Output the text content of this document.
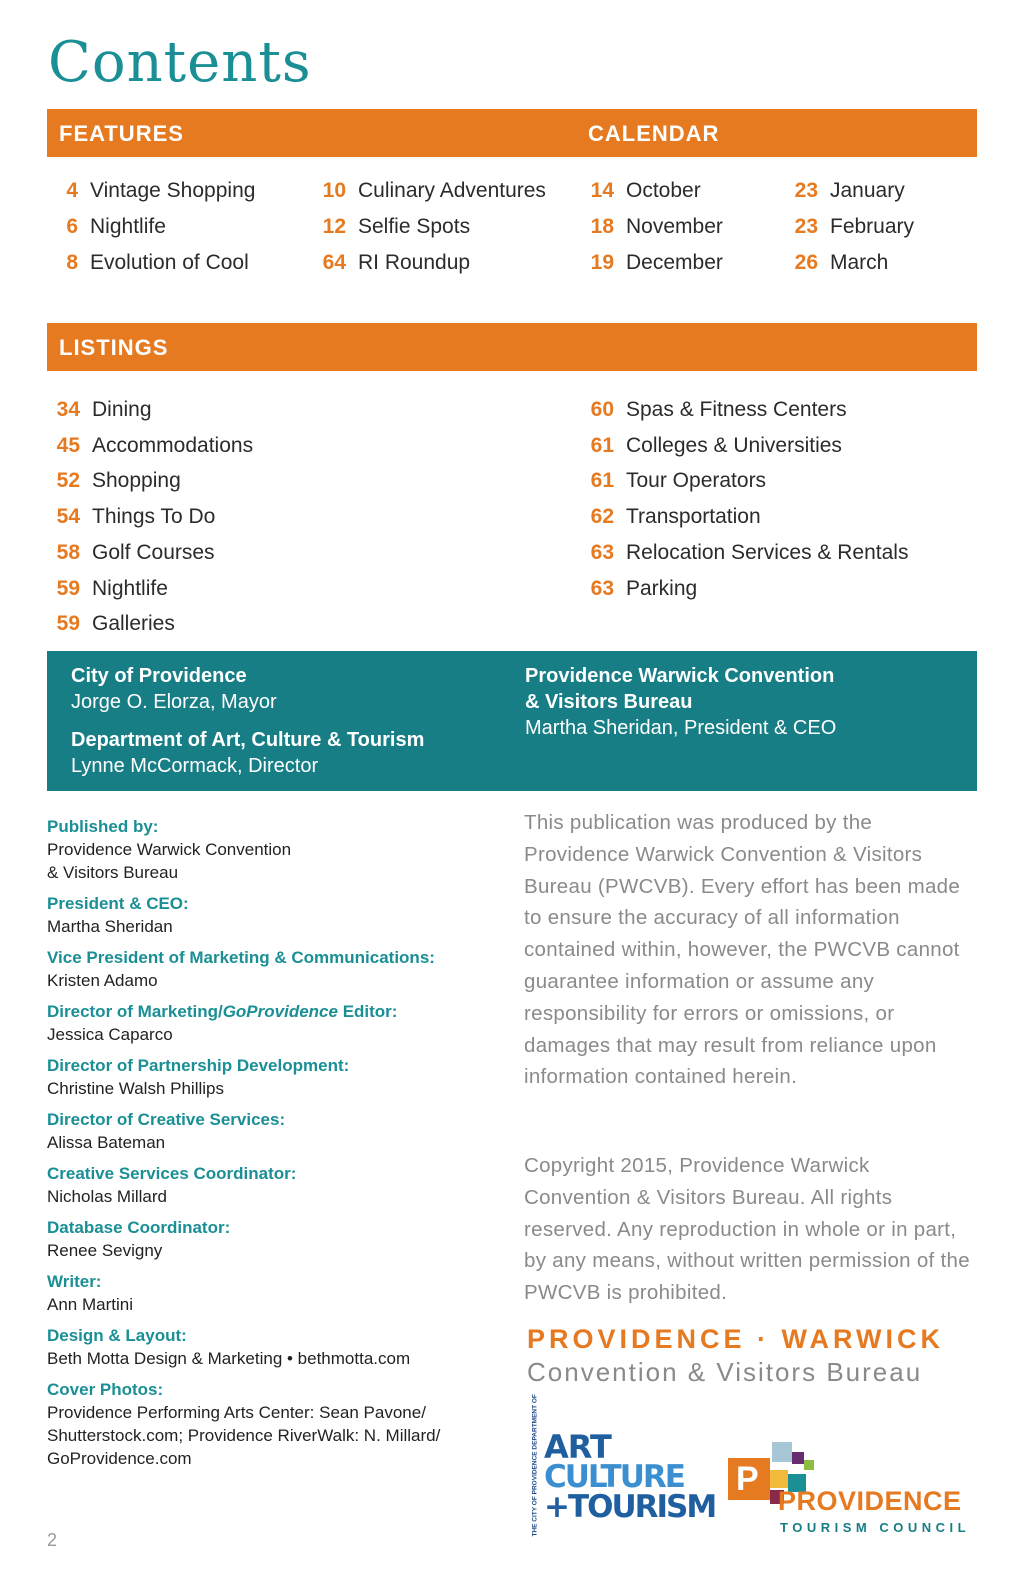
Contents
FEATURES	CALENDAR
4 Vintage Shopping
6 Nightlife
8 Evolution of Cool
10 Culinary Adventures
12 Selfie Spots
64 RI Roundup
14 October
18 November
19 December
23 January
23 February
26 March
LISTINGS
34 Dining
45 Accommodations
52 Shopping
54 Things To Do
58 Golf Courses
59 Nightlife
59 Galleries
60 Spas & Fitness Centers
61 Colleges & Universities
61 Tour Operators
62 Transportation
63 Relocation Services & Rentals
63 Parking
City of Providence
Jorge O. Elorza, Mayor
Department of Art, Culture & Tourism
Lynne McCormack, Director
Providence Warwick Convention
& Visitors Bureau
Martha Sheridan, President & CEO
Published by:
Providence Warwick Convention
& Visitors Bureau
President & CEO:
Martha Sheridan
Vice President of Marketing & Communications:
Kristen Adamo
Director of Marketing/GoProvidence Editor:
Jessica Caparco
Director of Partnership Development:
Christine Walsh Phillips
Director of Creative Services:
Alissa Bateman
Creative Services Coordinator:
Nicholas Millard
Database Coordinator:
Renee Sevigny
Writer:
Ann Martini
Design & Layout:
Beth Motta Design & Marketing • bethmotta.com
Cover Photos:
Providence Performing Arts Center: Sean Pavone/
Shutterstock.com; Providence RiverWalk: N. Millard/
GoProvidence.com
This publication was produced by the Providence Warwick Convention & Visitors Bureau (PWCVB). Every effort has been made to ensure the accuracy of all information contained within, however, the PWCVB cannot guarantee information or assume any responsibility for errors or omissions, or damages that may result from reliance upon information contained herein.
Copyright 2015, Providence Warwick Convention & Visitors Bureau. All rights reserved. Any reproduction in whole or in part, by any means, without written permission of the PWCVB is prohibited.
PROVIDENCE · WARWICK
Convention & Visitors Bureau
THE CITY OF PROVIDENCE DEPARTMENT OF ART
CULTURE
+TOURISM
P
PROVIDENCE
TOURISM COUNCIL
2
